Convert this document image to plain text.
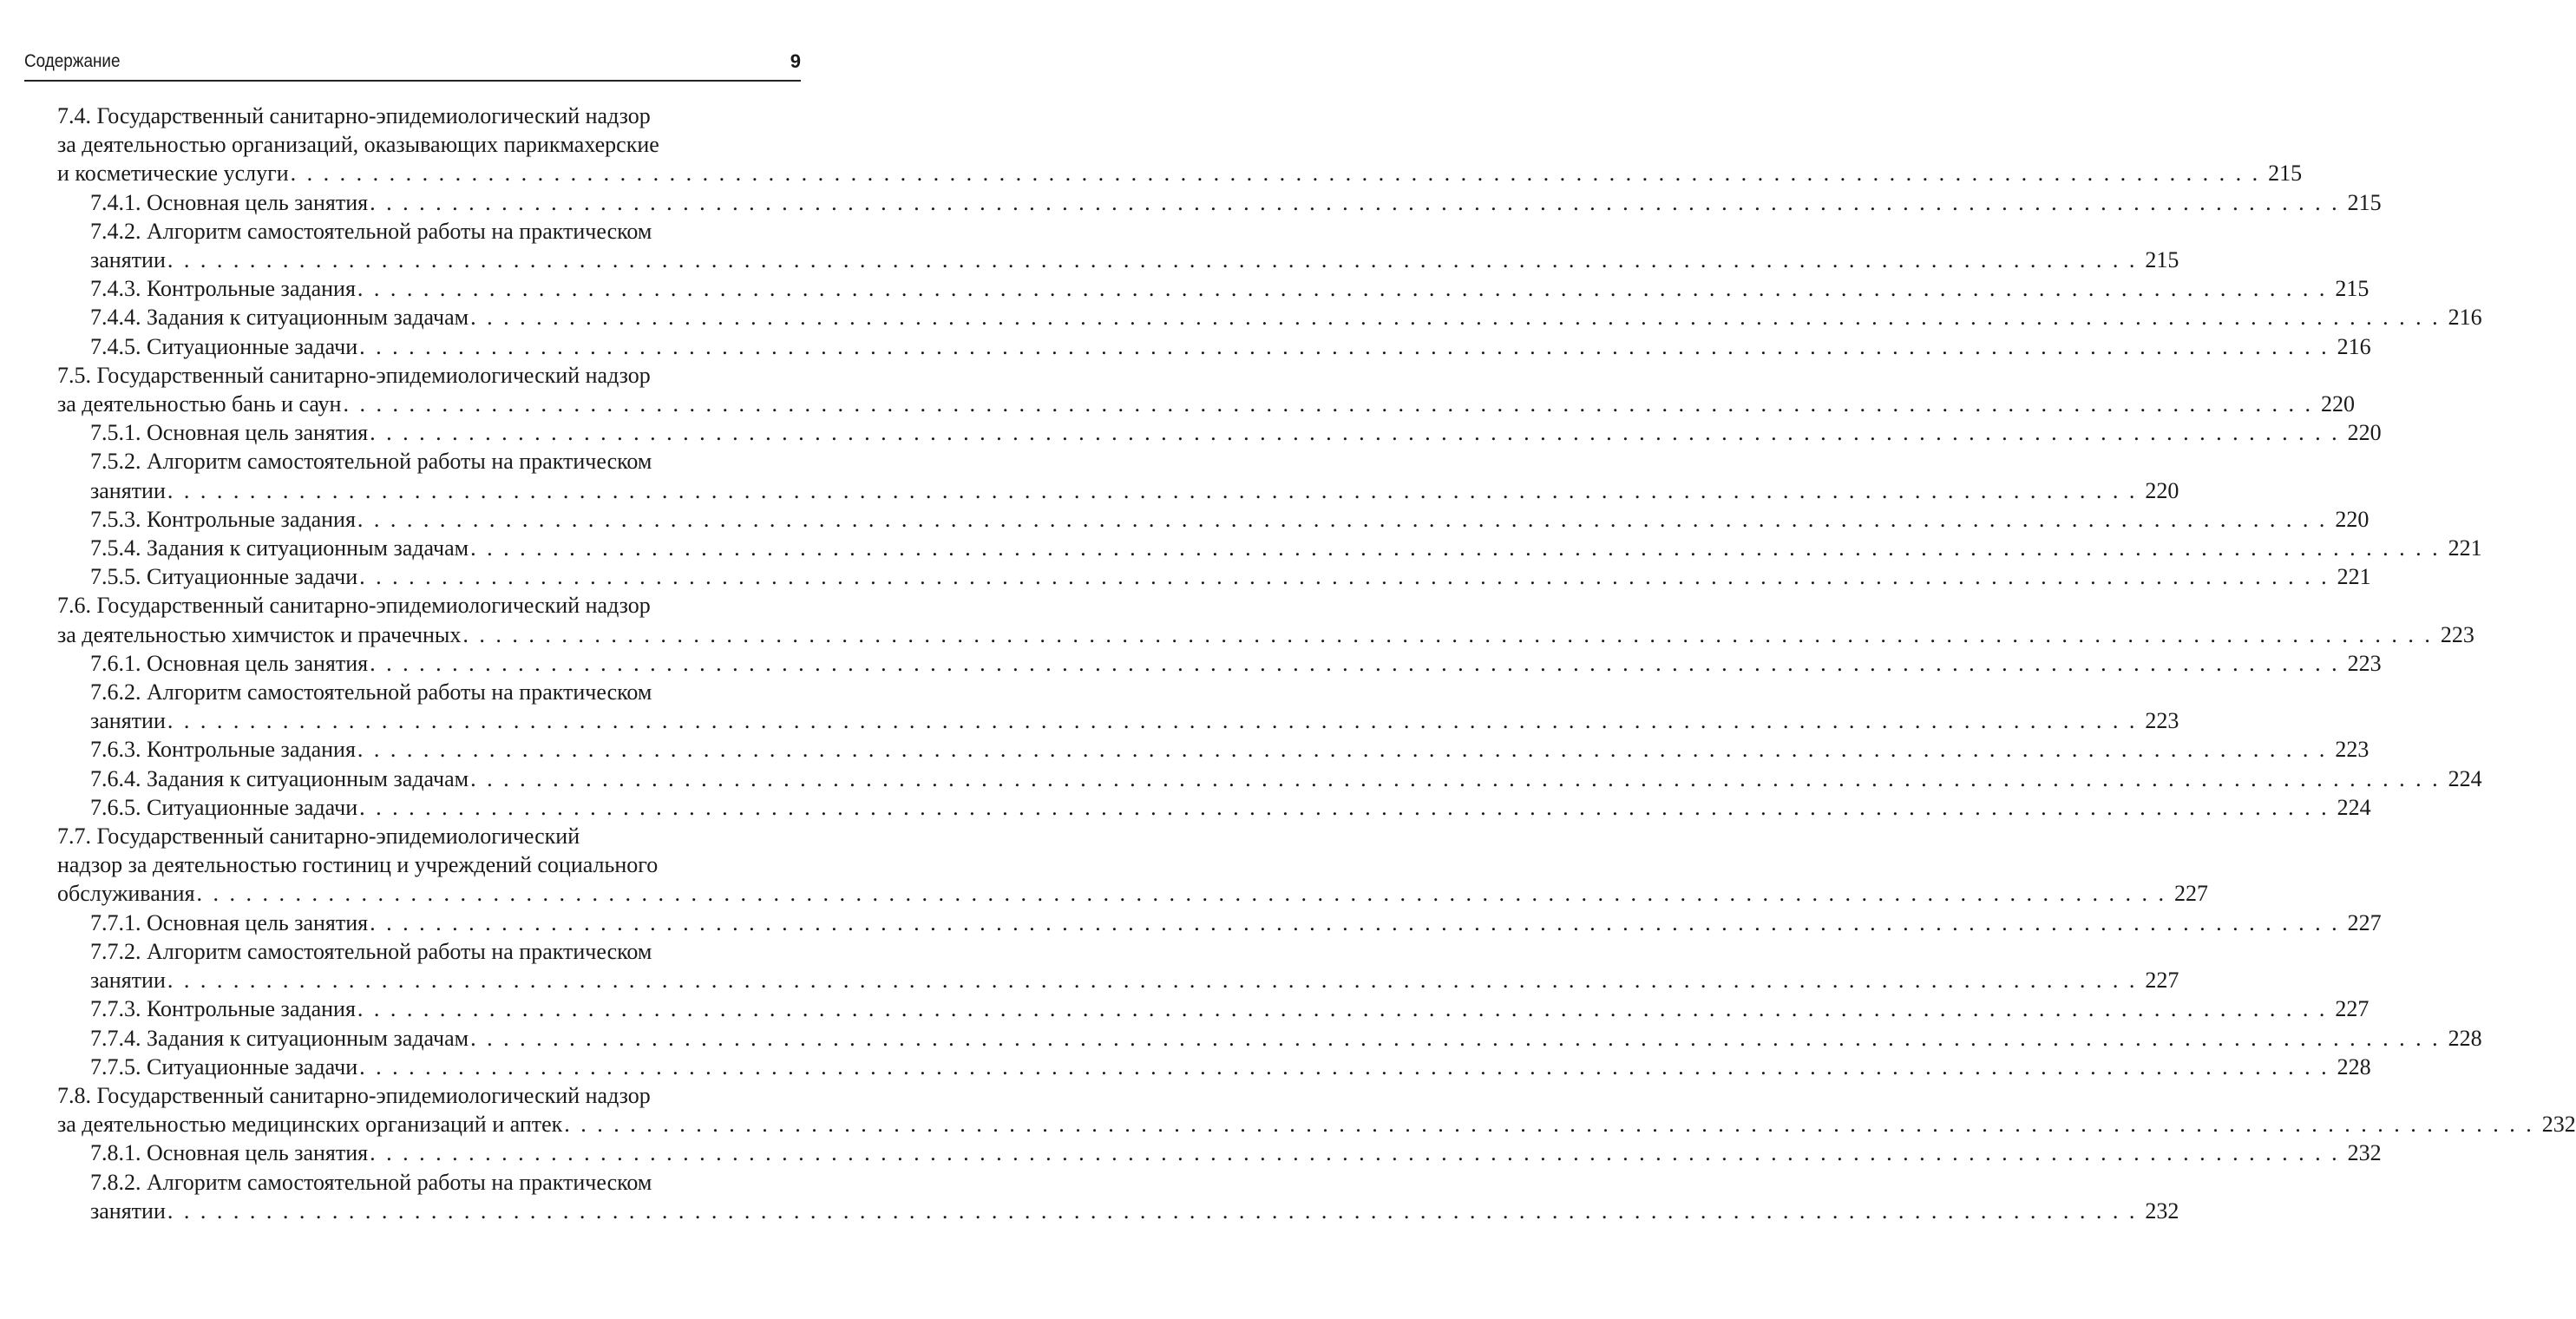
Содержание	9
7.4. Государственный санитарно-эпидемиологический надзор
за деятельностью организаций, оказывающих парикмахерские
и косметические услуги . . . . . . . . . . . . . . . . . . . . . . . . . . . . . . . . . . . . . . . . . . . . . . . . . . . . . . . . . . . . . . . . . . . . . . . . . . . . . . . . . . . . . . . . . . . . . . . . . . . . . . . . . . . . . . . . . . . . . . . . 215
7.4.1. Основная цель занятия . . . . . . . . . . . . . . . . . . . . . . . . . . . . . . . . . . . . . . . . . . . . . . . . . . . . . . . . . . . . . . . . . . . . . . . . . . . . . . . . . . . . . . . . . . . . . . . . . . . . . . . . . . . . . . . . . . . . . . . . 215
7.4.2. Алгоритм самостоятельной работы на практическом
занятии . . . . . . . . . . . . . . . . . . . . . . . . . . . . . . . . . . . . . . . . . . . . . . . . . . . . . . . . . . . . . . . . . . . . . . . . . . . . . . . . . . . . . . . . . . . . . . . . . . . . . . . . . . . . . . . . . . . . . . . . 215
7.4.3. Контрольные задания . . . . . . . . . . . . . . . . . . . . . . . . . . . . . . . . . . . . . . . . . . . . . . . . . . . . . . . . . . . . . . . . . . . . . . . . . . . . . . . . . . . . . . . . . . . . . . . . . . . . . . . . . . . . . . . . . . . . . . . . 215
7.4.4. Задания к ситуационным задачам . . . . . . . . . . . . . . . . . . . . . . . . . . . . . . . . . . . . . . . . . . . . . . . . . . . . . . . . . . . . . . . . . . . . . . . . . . . . . . . . . . . . . . . . . . . . . . . . . . . . . . . . . . . . . . . . . . . . . . . . 216
7.4.5. Ситуационные задачи . . . . . . . . . . . . . . . . . . . . . . . . . . . . . . . . . . . . . . . . . . . . . . . . . . . . . . . . . . . . . . . . . . . . . . . . . . . . . . . . . . . . . . . . . . . . . . . . . . . . . . . . . . . . . . . . . . . . . . . . 216
7.5. Государственный санитарно-эпидемиологический надзор
за деятельностью бань и саун . . . . . . . . . . . . . . . . . . . . . . . . . . . . . . . . . . . . . . . . . . . . . . . . . . . . . . . . . . . . . . . . . . . . . . . . . . . . . . . . . . . . . . . . . . . . . . . . . . . . . . . . . . . . . . . . . . . . . . . . 220
7.5.1. Основная цель занятия . . . . . . . . . . . . . . . . . . . . . . . . . . . . . . . . . . . . . . . . . . . . . . . . . . . . . . . . . . . . . . . . . . . . . . . . . . . . . . . . . . . . . . . . . . . . . . . . . . . . . . . . . . . . . . . . . . . . . . . . 220
7.5.2. Алгоритм самостоятельной работы на практическом
занятии . . . . . . . . . . . . . . . . . . . . . . . . . . . . . . . . . . . . . . . . . . . . . . . . . . . . . . . . . . . . . . . . . . . . . . . . . . . . . . . . . . . . . . . . . . . . . . . . . . . . . . . . . . . . . . . . . . . . . . . . 220
7.5.3. Контрольные задания . . . . . . . . . . . . . . . . . . . . . . . . . . . . . . . . . . . . . . . . . . . . . . . . . . . . . . . . . . . . . . . . . . . . . . . . . . . . . . . . . . . . . . . . . . . . . . . . . . . . . . . . . . . . . . . . . . . . . . . . 220
7.5.4. Задания к ситуационным задачам . . . . . . . . . . . . . . . . . . . . . . . . . . . . . . . . . . . . . . . . . . . . . . . . . . . . . . . . . . . . . . . . . . . . . . . . . . . . . . . . . . . . . . . . . . . . . . . . . . . . . . . . . . . . . . . . . . . . . . . . 221
7.5.5. Ситуационные задачи . . . . . . . . . . . . . . . . . . . . . . . . . . . . . . . . . . . . . . . . . . . . . . . . . . . . . . . . . . . . . . . . . . . . . . . . . . . . . . . . . . . . . . . . . . . . . . . . . . . . . . . . . . . . . . . . . . . . . . . . 221
7.6. Государственный санитарно-эпидемиологический надзор
за деятельностью химчисток и прачечных . . . . . . . . . . . . . . . . . . . . . . . . . . . . . . . . . . . . . . . . . . . . . . . . . . . . . . . . . . . . . . . . . . . . . . . . . . . . . . . . . . . . . . . . . . . . . . . . . . . . . . . . . . . . . . . . . . . . . . . . 223
7.6.1. Основная цель занятия . . . . . . . . . . . . . . . . . . . . . . . . . . . . . . . . . . . . . . . . . . . . . . . . . . . . . . . . . . . . . . . . . . . . . . . . . . . . . . . . . . . . . . . . . . . . . . . . . . . . . . . . . . . . . . . . . . . . . . . . 223
7.6.2. Алгоритм самостоятельной работы на практическом
занятии . . . . . . . . . . . . . . . . . . . . . . . . . . . . . . . . . . . . . . . . . . . . . . . . . . . . . . . . . . . . . . . . . . . . . . . . . . . . . . . . . . . . . . . . . . . . . . . . . . . . . . . . . . . . . . . . . . . . . . . . 223
7.6.3. Контрольные задания . . . . . . . . . . . . . . . . . . . . . . . . . . . . . . . . . . . . . . . . . . . . . . . . . . . . . . . . . . . . . . . . . . . . . . . . . . . . . . . . . . . . . . . . . . . . . . . . . . . . . . . . . . . . . . . . . . . . . . . . 223
7.6.4. Задания к ситуационным задачам . . . . . . . . . . . . . . . . . . . . . . . . . . . . . . . . . . . . . . . . . . . . . . . . . . . . . . . . . . . . . . . . . . . . . . . . . . . . . . . . . . . . . . . . . . . . . . . . . . . . . . . . . . . . . . . . . . . . . . . . 224
7.6.5. Ситуационные задачи . . . . . . . . . . . . . . . . . . . . . . . . . . . . . . . . . . . . . . . . . . . . . . . . . . . . . . . . . . . . . . . . . . . . . . . . . . . . . . . . . . . . . . . . . . . . . . . . . . . . . . . . . . . . . . . . . . . . . . . . 224
7.7. Государственный санитарно-эпидемиологический
надзор за деятельностью гостиниц и учреждений социального
обслуживания . . . . . . . . . . . . . . . . . . . . . . . . . . . . . . . . . . . . . . . . . . . . . . . . . . . . . . . . . . . . . . . . . . . . . . . . . . . . . . . . . . . . . . . . . . . . . . . . . . . . . . . . . . . . . . . . . . . . . . . . 227
7.7.1. Основная цель занятия . . . . . . . . . . . . . . . . . . . . . . . . . . . . . . . . . . . . . . . . . . . . . . . . . . . . . . . . . . . . . . . . . . . . . . . . . . . . . . . . . . . . . . . . . . . . . . . . . . . . . . . . . . . . . . . . . . . . . . . . 227
7.7.2. Алгоритм самостоятельной работы на практическом
занятии . . . . . . . . . . . . . . . . . . . . . . . . . . . . . . . . . . . . . . . . . . . . . . . . . . . . . . . . . . . . . . . . . . . . . . . . . . . . . . . . . . . . . . . . . . . . . . . . . . . . . . . . . . . . . . . . . . . . . . . . 227
7.7.3. Контрольные задания . . . . . . . . . . . . . . . . . . . . . . . . . . . . . . . . . . . . . . . . . . . . . . . . . . . . . . . . . . . . . . . . . . . . . . . . . . . . . . . . . . . . . . . . . . . . . . . . . . . . . . . . . . . . . . . . . . . . . . . . 227
7.7.4. Задания к ситуационным задачам . . . . . . . . . . . . . . . . . . . . . . . . . . . . . . . . . . . . . . . . . . . . . . . . . . . . . . . . . . . . . . . . . . . . . . . . . . . . . . . . . . . . . . . . . . . . . . . . . . . . . . . . . . . . . . . . . . . . . . . . 228
7.7.5. Ситуационные задачи . . . . . . . . . . . . . . . . . . . . . . . . . . . . . . . . . . . . . . . . . . . . . . . . . . . . . . . . . . . . . . . . . . . . . . . . . . . . . . . . . . . . . . . . . . . . . . . . . . . . . . . . . . . . . . . . . . . . . . . . 228
7.8. Государственный санитарно-эпидемиологический надзор
за деятельностью медицинских организаций и аптек . . . . . . . . . . . . . . . . . . . . . . . . . . . . . . . . . . . . . . . . . . . . . . . . . . . . . . . . . . . . . . . . . . . . . . . . . . . . . . . . . . . . . . . . . . . . . . . . . . . . . . . . . . . . . . . . . . . . . . . . 232
7.8.1. Основная цель занятия . . . . . . . . . . . . . . . . . . . . . . . . . . . . . . . . . . . . . . . . . . . . . . . . . . . . . . . . . . . . . . . . . . . . . . . . . . . . . . . . . . . . . . . . . . . . . . . . . . . . . . . . . . . . . . . . . . . . . . . . 232
7.8.2. Алгоритм самостоятельной работы на практическом
занятии . . . . . . . . . . . . . . . . . . . . . . . . . . . . . . . . . . . . . . . . . . . . . . . . . . . . . . . . . . . . . . . . . . . . . . . . . . . . . . . . . . . . . . . . . . . . . . . . . . . . . . . . . . . . . . . . . . . . . . . . 232
